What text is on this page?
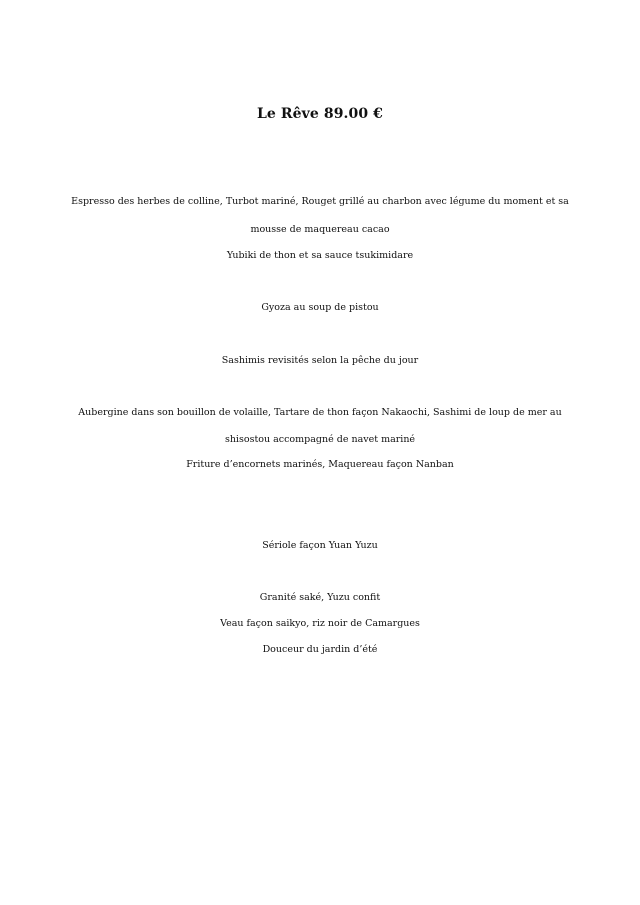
Le Rêve 89.00 €
Espresso des herbes de colline, Turbot mariné, Rouget grillé au charbon avec légume du moment et sa
mousse de maquereau cacao
Yubiki de thon et sa sauce tsukimidare
Gyoza au soup de pistou
Sashimis revisités selon la pêche du jour
Aubergine dans son bouillon de volaille, Tartare de thon façon Nakaochi, Sashimi de loup de mer au
shisostou accompagné de navet mariné
Friture d’encornets marinés, Maquereau façon Nanban
Sériole façon Yuan Yuzu
Granité saké, Yuzu confit
Veau façon saikyo, riz noir de Camargues
Douceur du jardin d’été
